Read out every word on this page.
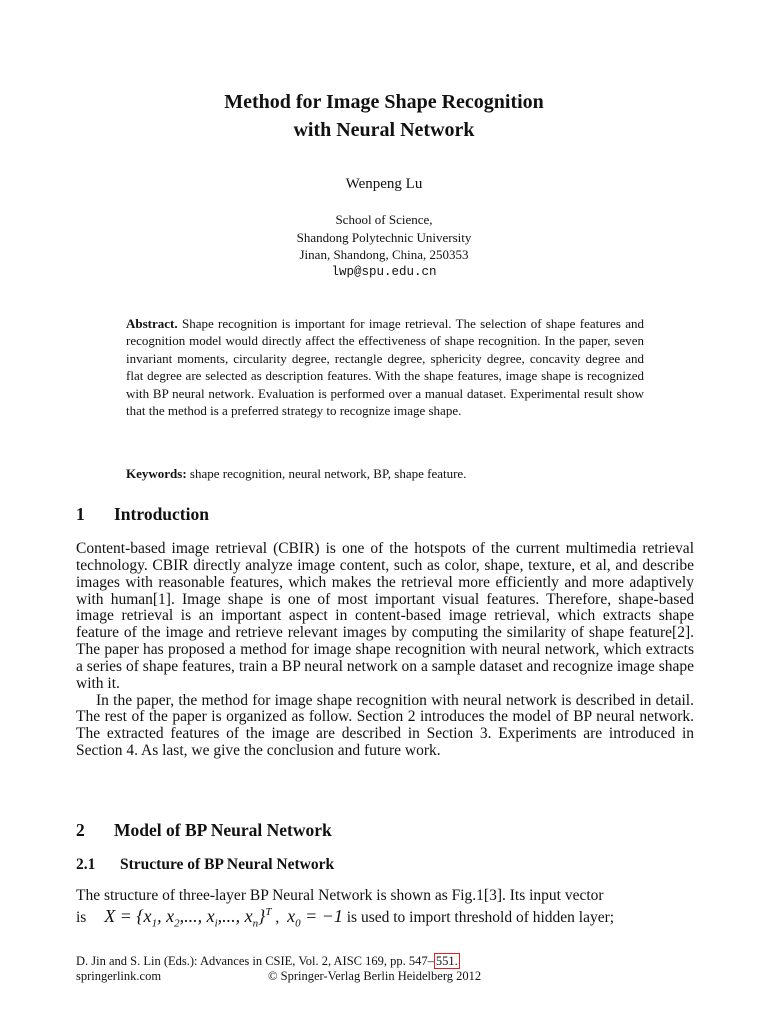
Method for Image Shape Recognition
with Neural Network
Wenpeng Lu
School of Science,
Shandong Polytechnic University
Jinan, Shandong, China, 250353
lwp@spu.edu.cn
Abstract. Shape recognition is important for image retrieval. The selection of shape features and recognition model would directly affect the effectiveness of shape recognition. In the paper, seven invariant moments, circularity degree, rectangle degree, sphericity degree, concavity degree and flat degree are selected as description features. With the shape features, image shape is recognized with BP neural network. Evaluation is performed over a manual dataset. Experimental result show that the method is a preferred strategy to recognize image shape.
Keywords: shape recognition, neural network, BP, shape feature.
1 Introduction

Content-based image retrieval (CBIR) is one of the hotspots of the current multimedia retrieval technology. CBIR directly analyze image content, such as color, shape, texture, et al, and describe images with reasonable features, which makes the retrieval more efficiently and more adaptively with human[1]. Image shape is one of most important visual features. Therefore, shape-based image retrieval is an important aspect in content-based image retrieval, which extracts shape feature of the image and retrieve relevant images by computing the similarity of shape feature[2]. The paper has proposed a method for image shape recognition with neural network, which extracts a series of shape features, train a BP neural network on a sample dataset and recognize image shape with it.

In the paper, the method for image shape recognition with neural network is described in detail. The rest of the paper is organized as follow. Section 2 introduces the model of BP neural network. The extracted features of the image are described in Section 3. Experiments are introduced in Section 4. As last, we give the conclusion and future work.

2 Model of BP Neural Network
2.1 Structure of BP Neural Network

The structure of three-layer BP Neural Network is shown as Fig.1[3]. Its input vector

is $X = \{x_1$, $x_2$,..., $x_i$,..., $x_n\}^T$ , $x_0 = -1$ is used to import threshold of hidden layer;
D. Jin and S. Lin (Eds.): Advances in CSIE, Vol. 2, AISC 169, pp. 547– 551.
springerlink.com	© Springer-Verlag Berlin Heidelberg 2012
